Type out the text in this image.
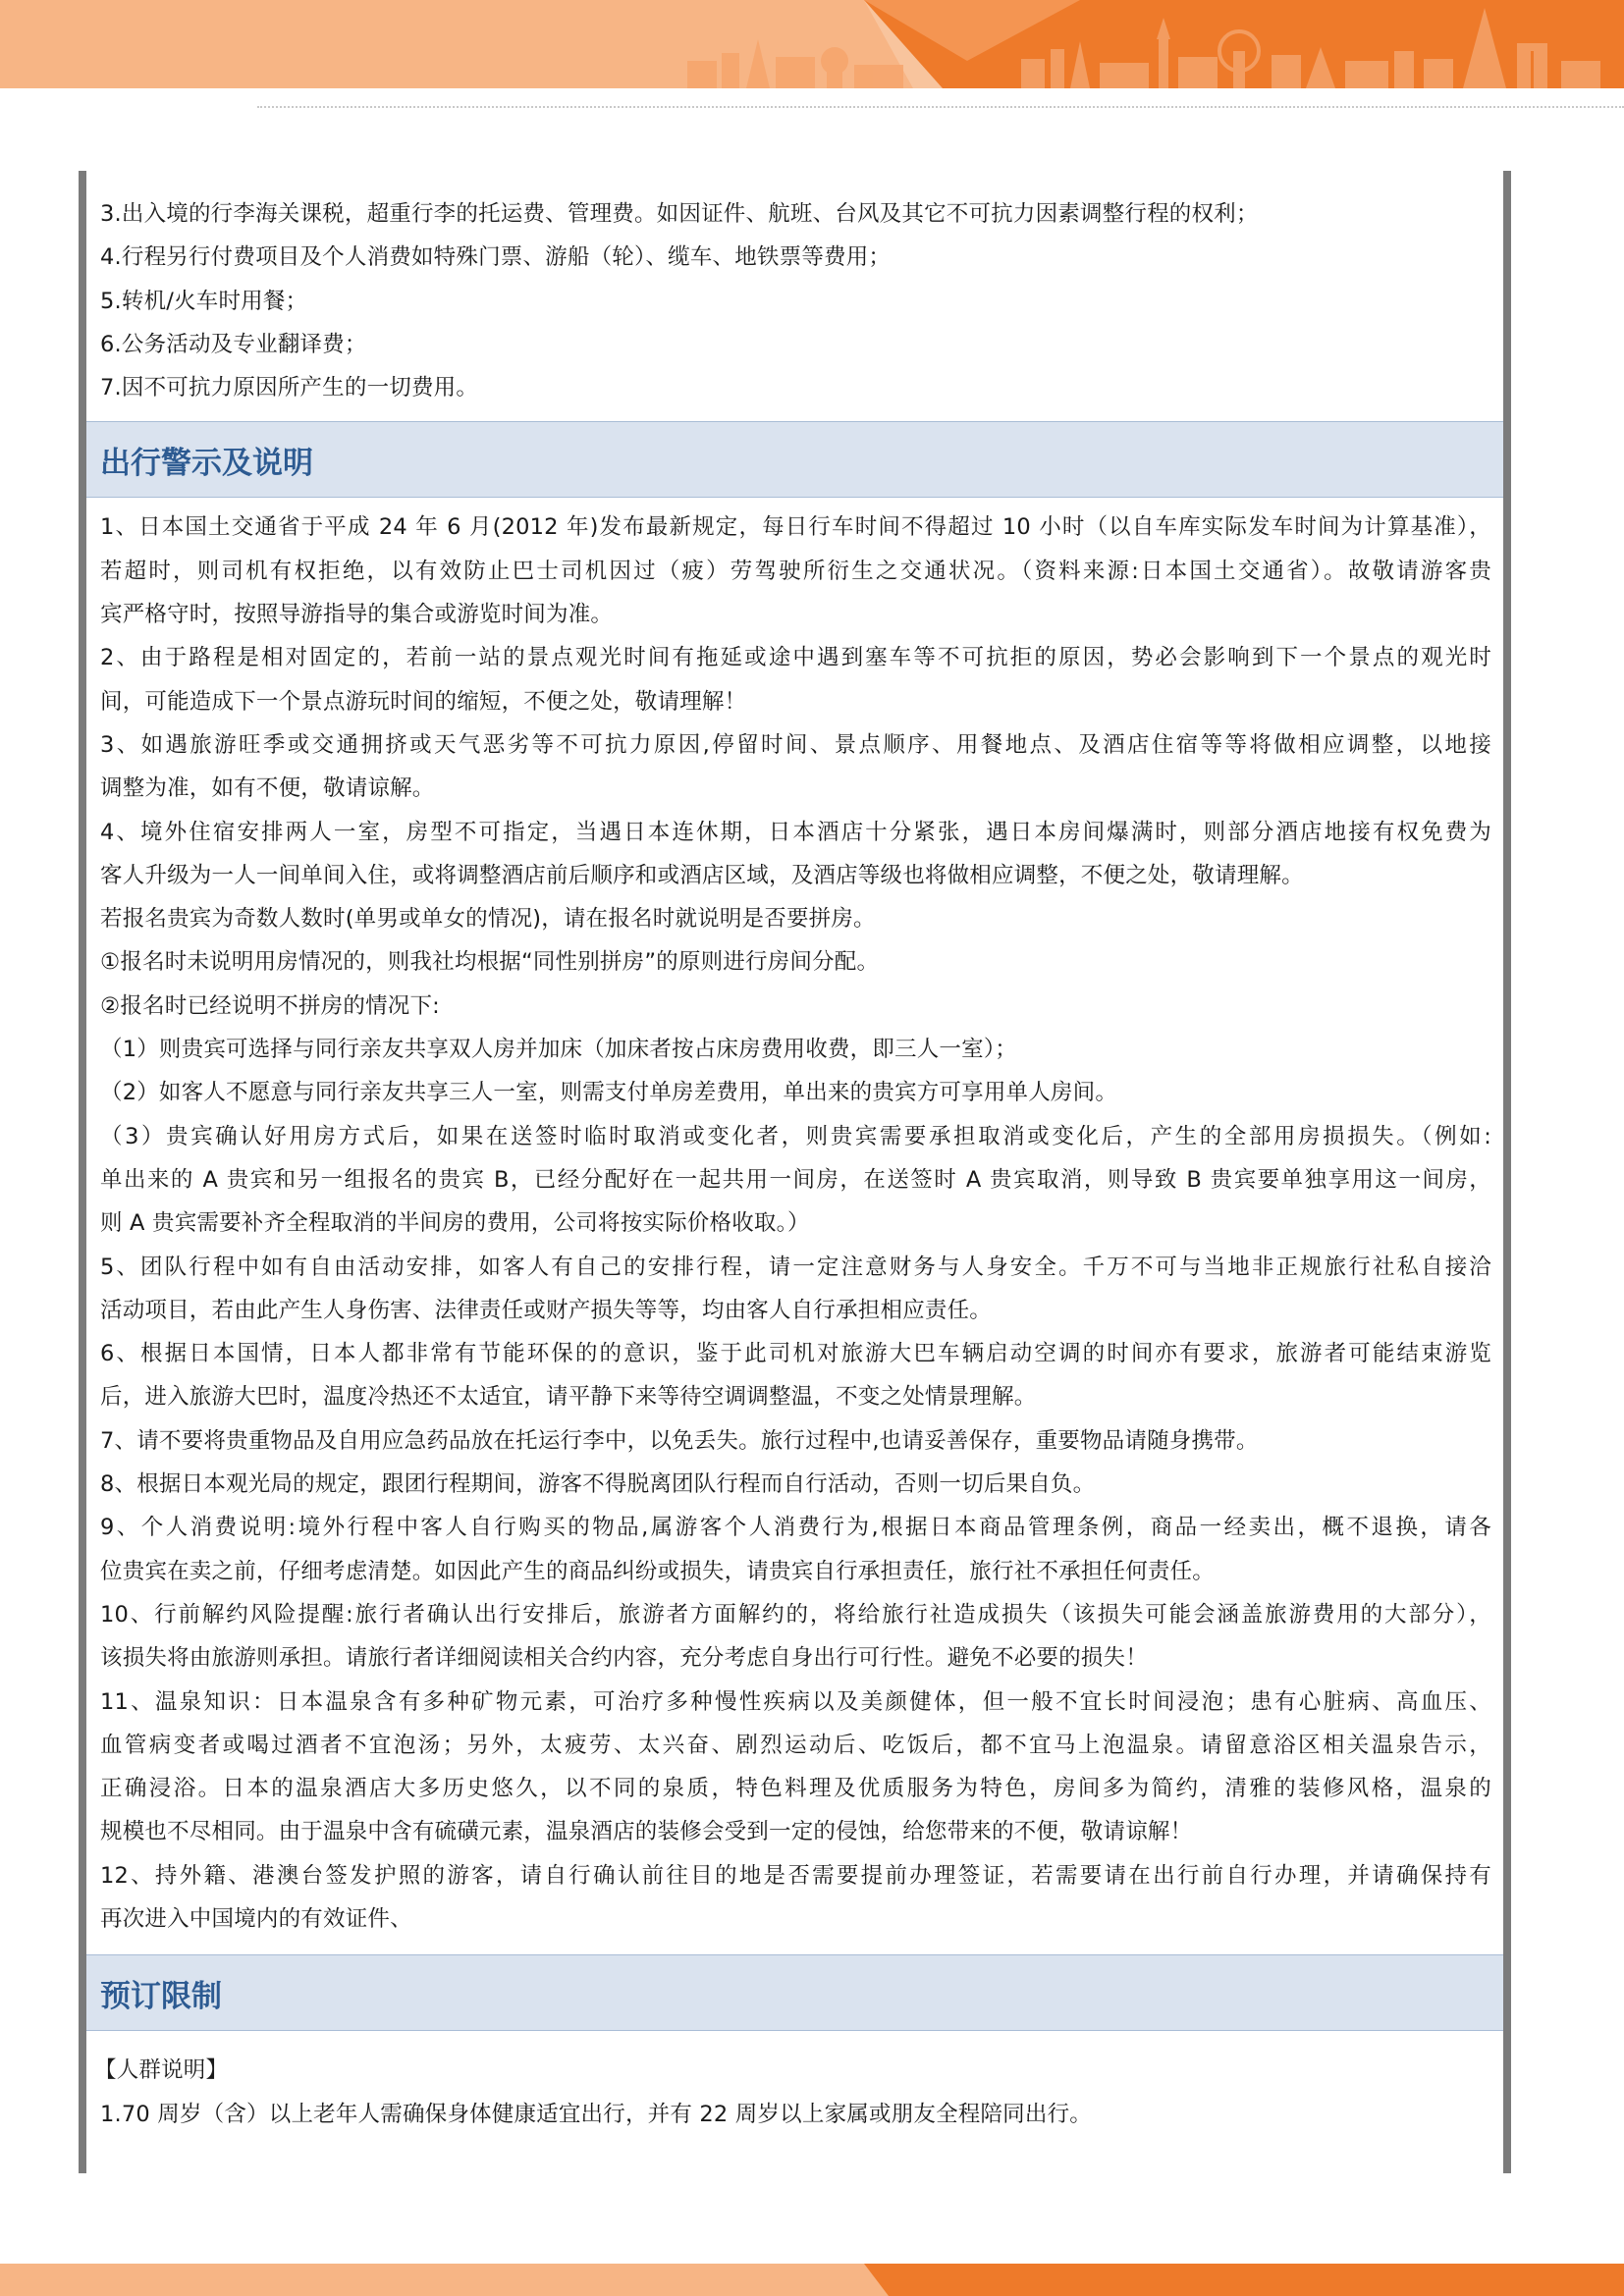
3.出入境的行李海关课税，超重行李的托运费、管理费。如因证件、航班、台风及其它不可抗力因素调整行程的权利；
4.行程另行付费项目及个人消费如特殊门票、游船（轮）、缆车、地铁票等费用；
5.转机/火车时用餐；
6.公务活动及专业翻译费；
7.因不可抗力原因所产生的一切费用。
出行警示及说明
1、日本国土交通省于平成 24 年 6 月(2012 年)发布最新规定，每日行车时间不得超过 10 小时（以自车库实际发车时间为计算基准），
若超时，则司机有权拒绝，以有效防止巴士司机因过（疲）劳驾驶所衍生之交通状况。（资料来源:日本国土交通省）。故敬请游客贵
宾严格守时，按照导游指导的集合或游览时间为准。
2、由于路程是相对固定的，若前一站的景点观光时间有拖延或途中遇到塞车等不可抗拒的原因，势必会影响到下一个景点的观光时
间，可能造成下一个景点游玩时间的缩短，不便之处，敬请理解！
3、如遇旅游旺季或交通拥挤或天气恶劣等不可抗力原因,停留时间、景点顺序、用餐地点、及酒店住宿等等将做相应调整，以地接
调整为准，如有不便，敬请谅解。
4、境外住宿安排两人一室，房型不可指定，当遇日本连休期，日本酒店十分紧张，遇日本房间爆满时，则部分酒店地接有权免费为
客人升级为一人一间单间入住，或将调整酒店前后顺序和或酒店区域，及酒店等级也将做相应调整，不便之处，敬请理解。
若报名贵宾为奇数人数时(单男或单女的情况)，请在报名时就说明是否要拼房。
①报名时未说明用房情况的，则我社均根据“同性别拼房”的原则进行房间分配。
②报名时已经说明不拼房的情况下:
（1）则贵宾可选择与同行亲友共享双人房并加床（加床者按占床房费用收费，即三人一室）；
（2）如客人不愿意与同行亲友共享三人一室，则需支付单房差费用，单出来的贵宾方可享用单人房间。
（3）贵宾确认好用房方式后，如果在送签时临时取消或变化者，则贵宾需要承担取消或变化后，产生的全部用房损损失。（例如:
单出来的 A 贵宾和另一组报名的贵宾 B，已经分配好在一起共用一间房，在送签时 A 贵宾取消，则导致 B 贵宾要单独享用这一间房，
则 A 贵宾需要补齐全程取消的半间房的费用，公司将按实际价格收取。）
5、团队行程中如有自由活动安排，如客人有自己的安排行程，请一定注意财务与人身安全。千万不可与当地非正规旅行社私自接洽
活动项目，若由此产生人身伤害、法律责任或财产损失等等，均由客人自行承担相应责任。
6、根据日本国情，日本人都非常有节能环保的的意识，鉴于此司机对旅游大巴车辆启动空调的时间亦有要求，旅游者可能结束游览
后，进入旅游大巴时，温度冷热还不太适宜，请平静下来等待空调调整温，不变之处情景理解。
7、请不要将贵重物品及自用应急药品放在托运行李中，以免丢失。旅行过程中,也请妥善保存，重要物品请随身携带。
8、根据日本观光局的规定，跟团行程期间，游客不得脱离团队行程而自行活动，否则一切后果自负。
9、个人消费说明:境外行程中客人自行购买的物品,属游客个人消费行为,根据日本商品管理条例，商品一经卖出，概不退换，请各
位贵宾在卖之前，仔细考虑清楚。如因此产生的商品纠纷或损失，请贵宾自行承担责任，旅行社不承担任何责任。
10、行前解约风险提醒:旅行者确认出行安排后，旅游者方面解约的，将给旅行社造成损失（该损失可能会涵盖旅游费用的大部分），
该损失将由旅游则承担。请旅行者详细阅读相关合约内容，充分考虑自身出行可行性。避免不必要的损失！
11、温泉知识：日本温泉含有多种矿物元素，可治疗多种慢性疾病以及美颜健体，但一般不宜长时间浸泡；患有心脏病、高血压、
血管病变者或喝过酒者不宜泡汤；另外，太疲劳、太兴奋、剧烈运动后、吃饭后，都不宜马上泡温泉。请留意浴区相关温泉告示，
正确浸浴。日本的温泉酒店大多历史悠久，以不同的泉质，特色料理及优质服务为特色，房间多为简约，清雅的装修风格，温泉的
规模也不尽相同。由于温泉中含有硫磺元素，温泉酒店的装修会受到一定的侵蚀，给您带来的不便，敬请谅解！
12、持外籍、港澳台签发护照的游客，请自行确认前往目的地是否需要提前办理签证，若需要请在出行前自行办理，并请确保持有
再次进入中国境内的有效证件、
预订限制
【人群说明】
1.70 周岁（含）以上老年人需确保身体健康适宜出行，并有 22 周岁以上家属或朋友全程陪同出行。
